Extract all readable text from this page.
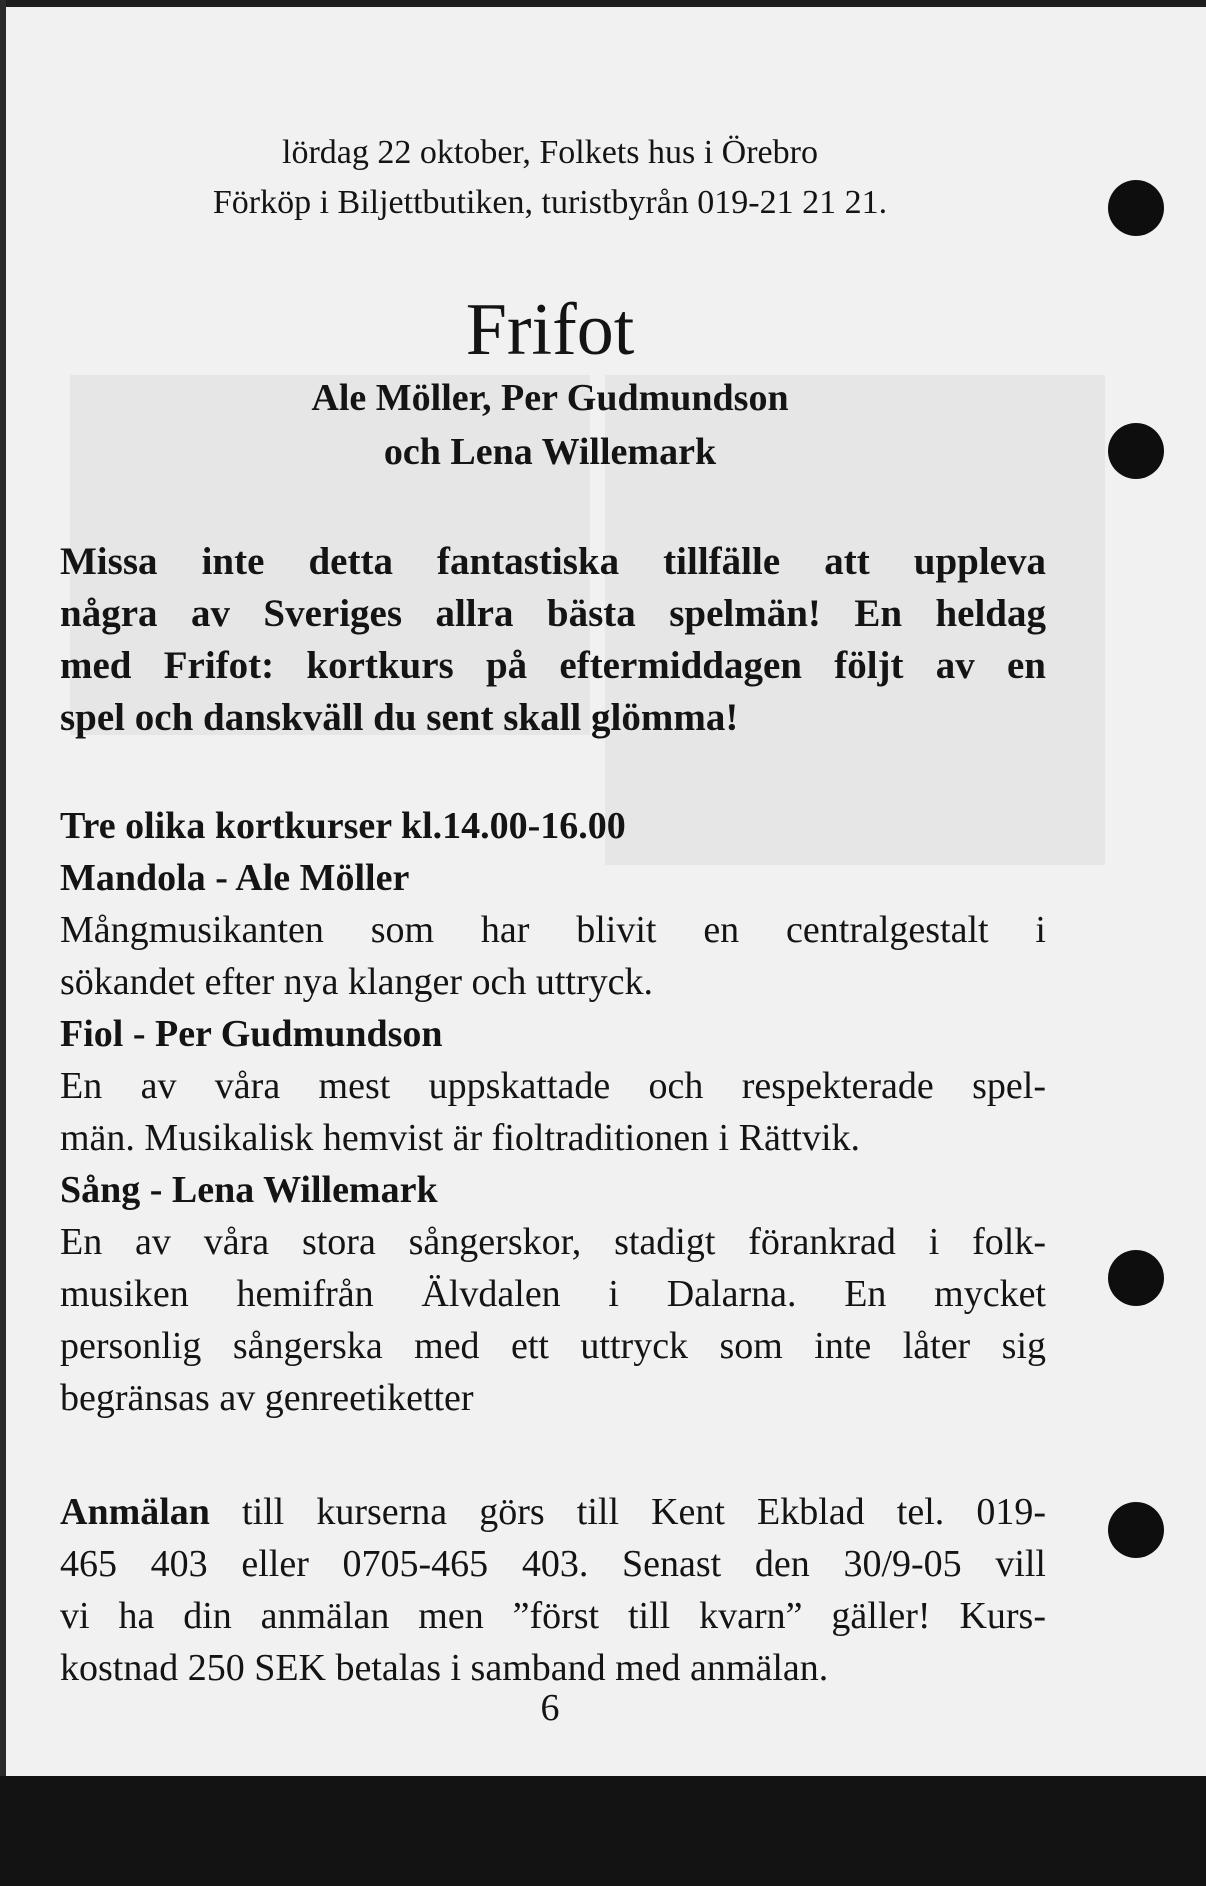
lördag 22 oktober, Folkets hus i Örebro
Förköp i Biljettbutiken, turistbyrån 019-21 21 21.
Frifot
Ale Möller, Per Gudmundson
och Lena Willemark
Missa inte detta fantastiska tillfälle att uppleva
några av Sveriges allra bästa spelmän! En heldag
med Frifot: kortkurs på eftermiddagen följt av en
spel och danskväll du sent skall glömma!
Tre olika kortkurser kl.14.00-16.00
Mandola - Ale Möller
Mångmusikanten som har blivit en centralgestalt i
sökandet efter nya klanger och uttryck.
Fiol - Per Gudmundson
En av våra mest uppskattade och respekterade spel-
män. Musikalisk hemvist är fioltraditionen i Rättvik.
Sång - Lena Willemark
En av våra stora sångerskor, stadigt förankrad i folk-
musiken hemifrån Älvdalen i Dalarna. En mycket
personlig sångerska med ett uttryck som inte låter sig
begränsas av genreetiketter
Anmälan till kurserna görs till Kent Ekblad tel. 019-
465 403 eller 0705-465 403. Senast den 30/9-05 vill
vi ha din anmälan men ”först till kvarn” gäller! Kurs-
kostnad 250 SEK betalas i samband med anmälan.
6
